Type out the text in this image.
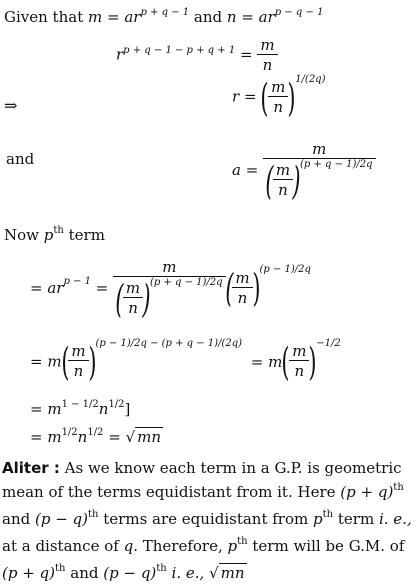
Given that $m = ar^{p + q - 1}$ and $n = ar^{p - q - 1}$
$r^{p + q - 1 - p + q + 1} = \frac{m}{n}$
⇒	r = ( $\frac{m}{n} )^{1/(2q)}$
and
$a = \frac{m}{( \frac{m}{n} )^{(p + q - 1)/2q}}$
Now $p^{th}$ term
= $ar^{p - 1} = \frac{m}{( \frac{m}{n} )^{(p + q - 1)/2q}}$ ( $\frac{m}{n} )^{(p - 1)/2q}$
= $m( \frac{m}{n} )^{(p - 1)/2q - (p + q - 1)/(2q)} = m( \frac{m}{n} )^{-1/2}$
= $m^{1 - 1/2}n^{1/2}$]
= $m^{1/2}n^{1/2}$ = √ mn
Aliter : As we know each term in a G.P. is geometric
mean of the terms equidistant from it. Here $(p + q)^{th}$
and $(p - q)^{th}$ terms are equidistant from $p^{th}$ term i. e.,
at a distance of q. Therefore, $p^{th}$ term will be G.M. of
$(p + q)^{th}$ and $(p - q)^{th}$ i. e., √ mn
